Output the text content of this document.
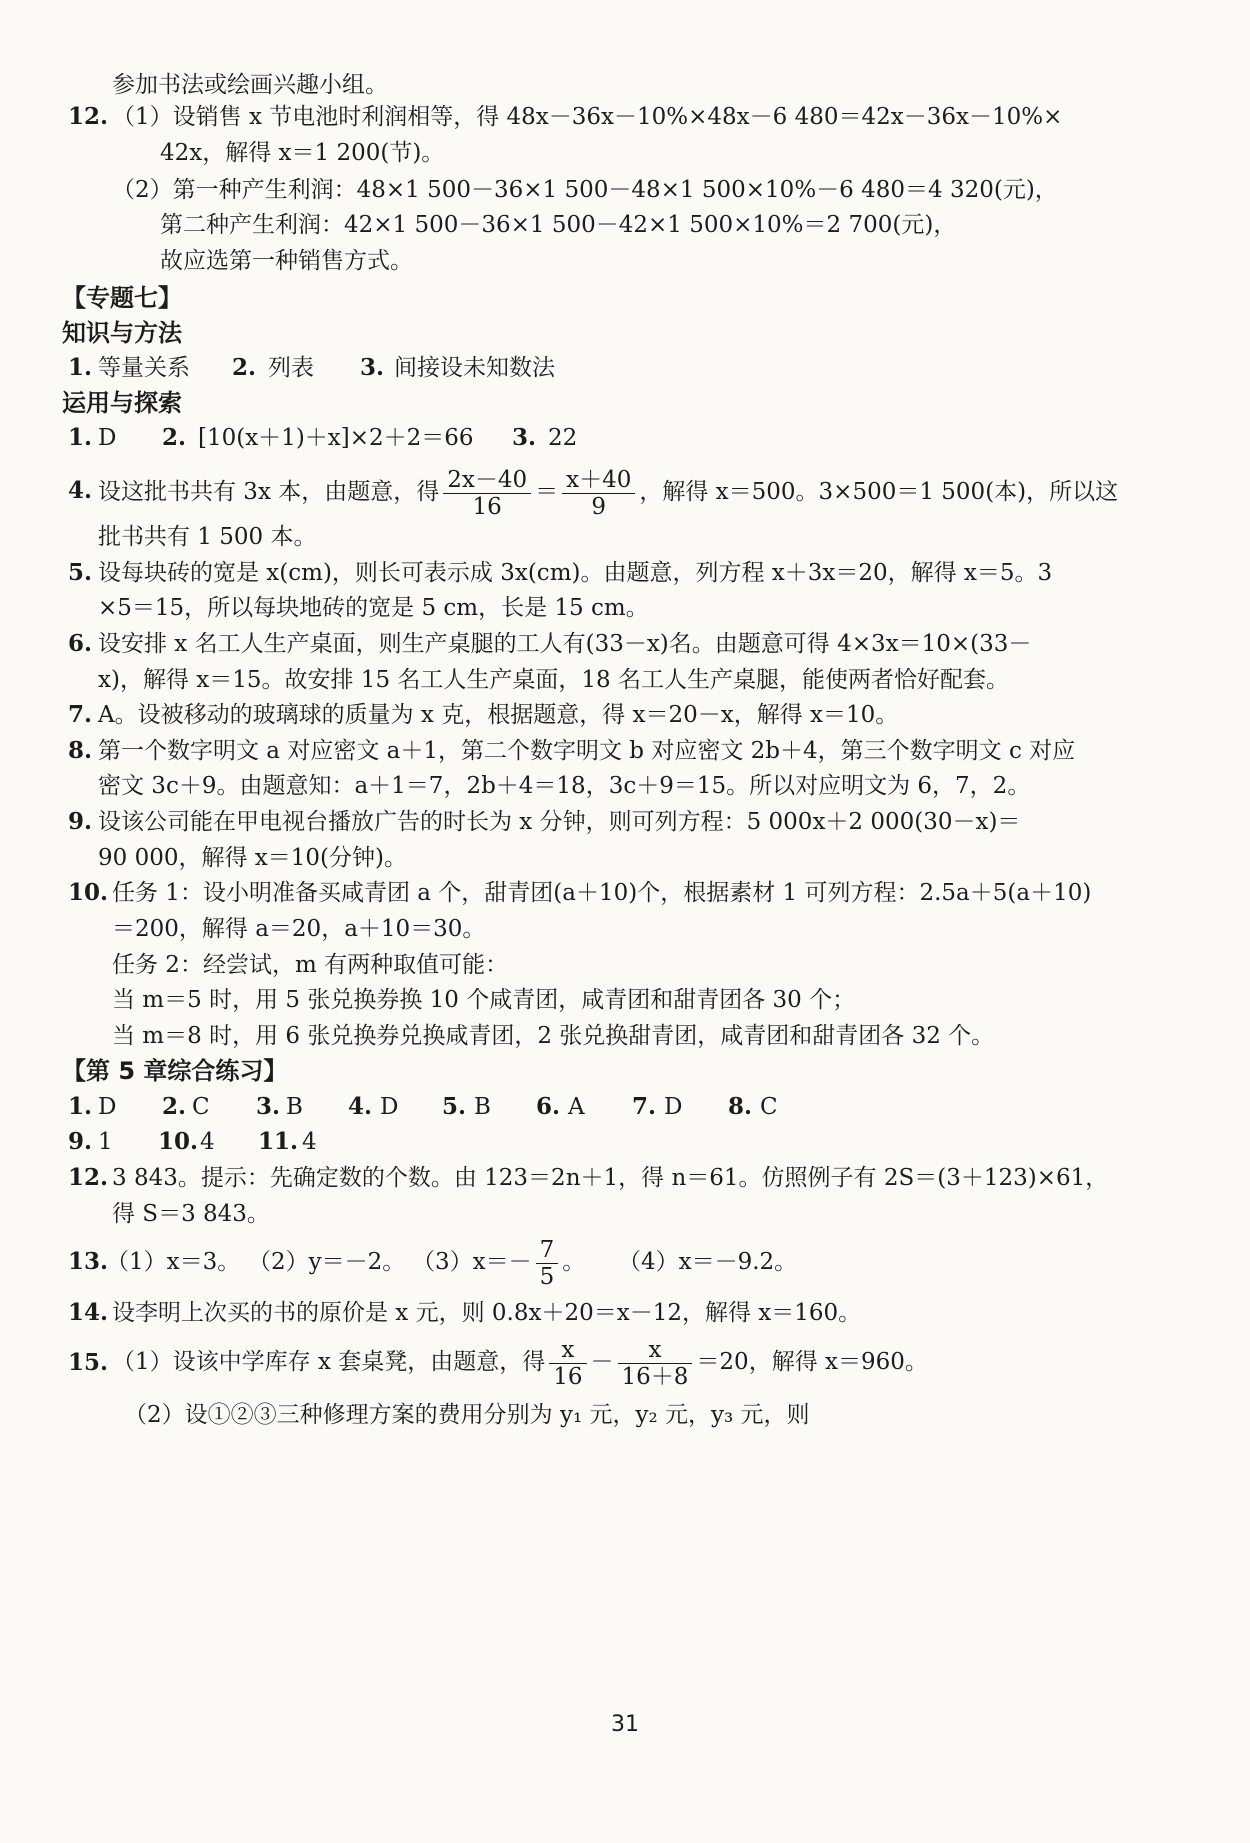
参加书法或绘画兴趣小组。
12. （1）设销售 x 节电池时利润相等，得 48x－36x－10%×48x－6 480＝42x－36x－10%×
42x，解得 x＝1 200(节)。
（2）第一种产生利润：48×1 500－36×1 500－48×1 500×10%－6 480＝4 320(元)，
第二种产生利润：42×1 500－36×1 500－42×1 500×10%＝2 700(元)，
故应选第一种销售方式。
【专题七】
知识与方法
1. 等量关系 2. 列表 3. 间接设未知数法
运用与探索
1. D 2. [10(x＋1)＋x]×2＋2＝66 3. 22
4. 设这批书共有 3x 本，由题意，得 $\frac{2x-40}{16} = \frac{x+40}{9}$ ，解得 x＝500。3×500＝1 500(本)，所以这
批书共有 1 500 本。
5. 设每块砖的宽是 x(cm)，则长可表示成 3x(cm)。由题意，列方程 x＋3x＝20，解得 x＝5。3
×5＝15，所以每块地砖的宽是 5 cm，长是 15 cm。
6. 设安排 x 名工人生产桌面，则生产桌腿的工人有(33－x)名。由题意可得 4×3x＝10×(33－
x)，解得 x＝15。故安排 15 名工人生产桌面，18 名工人生产桌腿，能使两者恰好配套。
7. A。设被移动的玻璃球的质量为 x 克，根据题意，得 x＝20－x，解得 x＝10。
8. 第一个数字明文 a 对应密文 a＋1，第二个数字明文 b 对应密文 2b＋4，第三个数字明文 c 对应
密文 3c＋9。由题意知：a＋1＝7，2b＋4＝18，3c＋9＝15。所以对应明文为 6，7，2。
9. 设该公司能在甲电视台播放广告的时长为 x 分钟，则可列方程：5 000x＋2 000(30－x)＝
90 000，解得 x＝10(分钟)。
10. 任务 1：设小明准备买咸青团 a 个，甜青团(a＋10)个，根据素材 1 可列方程：2.5a＋5(a＋10)
＝200，解得 a＝20，a＋10＝30。
任务 2：经尝试，m 有两种取值可能：
当 m＝5 时，用 5 张兑换券换 10 个咸青团，咸青团和甜青团各 30 个；
当 m＝8 时，用 6 张兑换券兑换咸青团，2 张兑换甜青团，咸青团和甜青团各 32 个。
【第 5 章综合练习】
1. D 2. C 3. B 4. D 5. B 6. A 7. D 8. C
9. 1 10. 4 11. 4
12. 3 843。提示：先确定数的个数。由 123＝2n＋1，得 n＝61。仿照例子有 2S＝(3＋123)×61，
得 S＝3 843。
13.
（1）x＝3。 （2）y＝－2。 $(3)x=- \frac{7}{5}$ 。 （4）x＝－9.2。
14. 设李明上次买的书的原价是 x 元，则 0.8x＋20＝x－12，解得 x＝160。
15. （1）设该中学库存 x 套桌凳，由题意，得 $\frac{x}{16} - \frac{x}{16+8} =20$，解得 x＝960。
（2）设①②③三种修理方案的费用分别为 y₁ 元，y₂ 元，y₃ 元，则
31
